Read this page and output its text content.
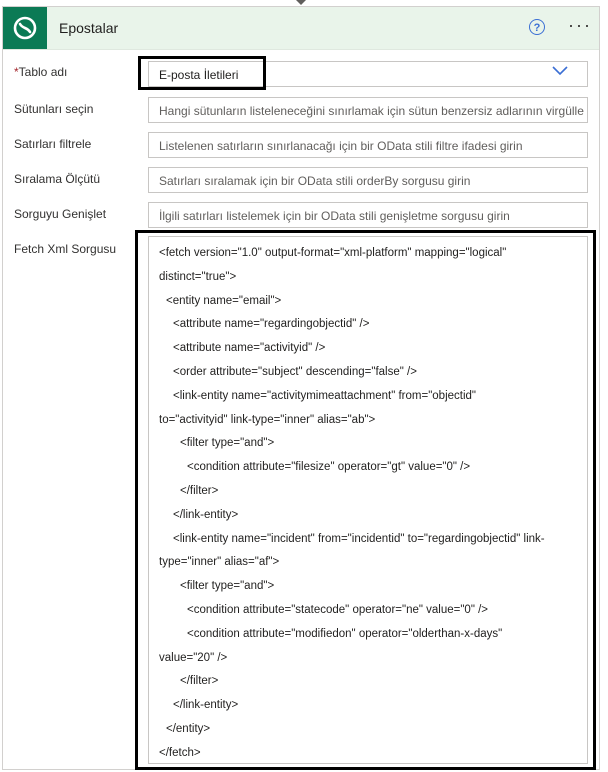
Epostalar	? ···
*Tablo adı	E-posta İletileri
Sütunları seçin	Hangi sütunların listeleneceğini sınırlamak için sütun benzersiz adlarının virgülle
Satırları filtrele	Listelenen satırların sınırlanacağı için bir OData stili filtre ifadesi girin
Sıralama Ölçütü	Satırları sıralamak için bir OData stili orderBy sorgusu girin
Sorguyu Genişlet	İlgili satırları listelemek için bir OData stili genişletme sorgusu girin
Fetch Xml Sorgusu	<fetch version="1.0" output-format="xml-platform" mapping="logical"
distinct="true">
<entity name="email">
<attribute name="regardingobjectid" />
<attribute name="activityid" />
<order attribute="subject" descending="false" />
<link-entity name="activitymimeattachment" from="objectid"
to="activityid" link-type="inner" alias="ab">
<filter type="and">
<condition attribute="filesize" operator="gt" value="0" />
</filter>
</link-entity>
<link-entity name="incident" from="incidentid" to="regardingobjectid" link-
type="inner" alias="af">
<filter type="and">
<condition attribute="statecode" operator="ne" value="0" />
<condition attribute="modifiedon" operator="olderthan-x-days"
value="20" />
</filter>
</link-entity>
</entity>
</fetch>
